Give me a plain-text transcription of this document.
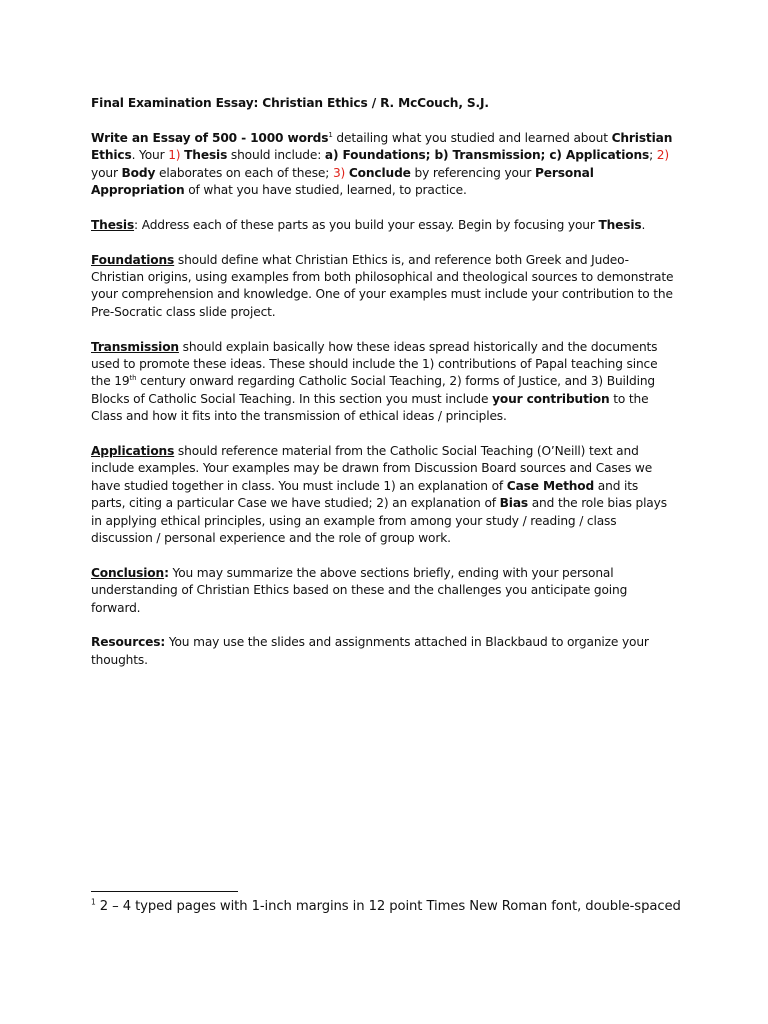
Final Examination Essay: Christian Ethics / R. McCouch, S.J.
Write an Essay of 500 - 1000 words$^1$ detailing what you studied and learned about Christian Ethics. Your 1) Thesis should include: a) Foundations; b) Transmission; c) Applications; 2) your Body elaborates on each of these; 3) Conclude by referencing your Personal Appropriation of what you have studied, learned, to practice.
Thesis: Address each of these parts as you build your essay. Begin by focusing your Thesis.
Foundations should define what Christian Ethics is, and reference both Greek and Judeo-Christian origins, using examples from both philosophical and theological sources to demonstrate your comprehension and knowledge. One of your examples must include your contribution to the Pre-Socratic class slide project.
Transmission should explain basically how these ideas spread historically and the documents used to promote these ideas. These should include the 1) contributions of Papal teaching since the 19th century onward regarding Catholic Social Teaching, 2) forms of Justice, and 3) Building Blocks of Catholic Social Teaching. In this section you must include your contribution to the Class and how it fits into the transmission of ethical ideas / principles.
Applications should reference material from the Catholic Social Teaching (O’Neill) text and include examples. Your examples may be drawn from Discussion Board sources and Cases we have studied together in class. You must include 1) an explanation of Case Method and its parts, citing a particular Case we have studied; 2) an explanation of Bias and the role bias plays in applying ethical principles, using an example from among your study / reading / class discussion / personal experience and the role of group work.
Conclusion: You may summarize the above sections briefly, ending with your personal understanding of Christian Ethics based on these and the challenges you anticipate going forward.
Resources: You may use the slides and assignments attached in Blackbaud to organize your thoughts.
$^1$ 2 – 4 typed pages with 1-inch margins in 12 point Times New Roman font, double-spaced
